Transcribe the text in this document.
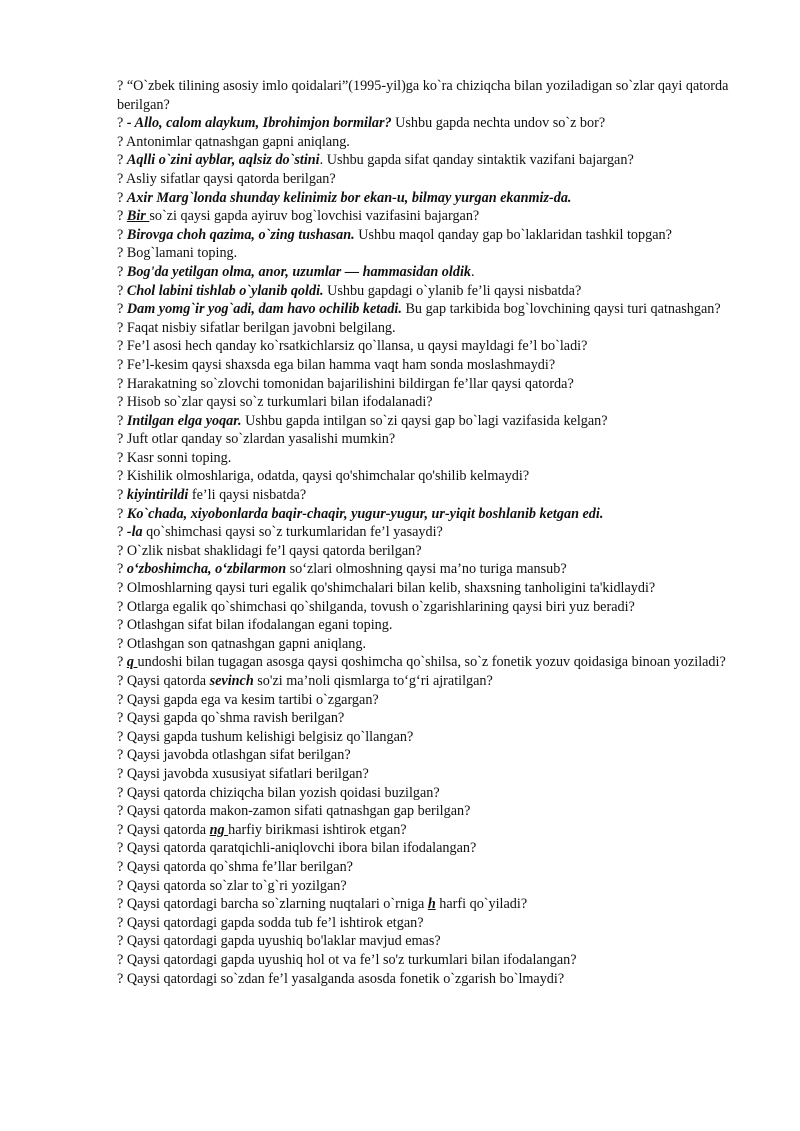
? “O`zbek tilining asosiy imlo qoidalari”(1995-yil)ga ko`ra chiziqcha bilan yoziladigan so`zlar qayi qatorda berilgan?

? - Allo, calom alaykum, Ibrohimjon bormilar? Ushbu gapda nechta undov so`z bor?

? Antonimlar qatnashgan gapni aniqlang.

? Aqlli o`zini ayblar, aqlsiz do`stini. Ushbu gapda sifat qanday sintaktik vazifani bajargan?

? Asliy sifatlar qaysi qatorda berilgan?

? Axir Marg`londa shunday kelinimiz bor ekan-u, bilmay yurgan ekanmiz-da.

? Bir so`zi qaysi gapda ayiruv bog`lovchisi vazifasini bajargan?

? Birovga choh qazima, o`zing tushasan. Ushbu maqol qanday gap bo`laklaridan tashkil topgan?

? Bog`lamani toping.

? Bog'da yetilgan olma, anor, uzumlar — hammasidan oldik.

? Chol labini tishlab o`ylanib qoldi. Ushbu gapdagi o`ylanib fe’li qaysi nisbatda?

? Dam yomg`ir yog`adi, dam havo ochilib ketadi. Bu gap tarkibida bog`lovchining qaysi turi qatnashgan?

? Faqat nisbiy sifatlar berilgan javobni belgilang.

? Fe’l asosi hech qanday ko`rsatkichlarsiz qo`llansa, u qaysi mayldagi fe’l bo`ladi?

? Fe’l-kesim qaysi shaxsda ega bilan hamma vaqt ham sonda moslashmaydi?

? Harakatning so`zlovchi tomonidan bajarilishini bildirgan fe’llar qaysi qatorda?

? Hisob so`zlar qaysi so`z turkumlari bilan ifodalanadi?

? Intilgan elga yoqar. Ushbu gapda intilgan so`zi qaysi gap bo`lagi vazifasida kelgan?

? Juft otlar qanday so`zlardan yasalishi mumkin?

? Kasr sonni toping.

? Kishilik olmoshlariga, odatda, qaysi qo'shimchalar qo'shilib kelmaydi?

? kiyintirildi fe’li qaysi nisbatda?

? Ko`chada, xiyobonlarda baqir-chaqir, yugur-yugur, ur-yiqit boshlanib ketgan edi.

? -la qo`shimchasi qaysi so`z turkumlaridan fe’l yasaydi?

? O`zlik nisbat shaklidagi fe’l qaysi qatorda berilgan?

? o‘zboshimcha, o‘zbilarmon so‘zlari olmoshning qaysi ma’no turiga mansub?

? Olmoshlarning qaysi turi egalik qo'shimchalari bilan kelib, shaxsning tanholigini ta'kidlaydi?

? Otlarga egalik qo`shimchasi qo`shilganda, tovush o`zgarishlarining qaysi biri yuz beradi?

? Otlashgan sifat bilan ifodalangan egani toping.

? Otlashgan son qatnashgan gapni aniqlang.

? q undoshi bilan tugagan asosga qaysi qoshimcha qo`shilsa, so`z fonetik yozuv qoidasiga binoan yoziladi?

? Qaysi qatorda sevinch so'zi ma’noli qismlarga to‘g‘ri ajratilgan?

? Qaysi gapda ega va kesim tartibi o`zgargan?

? Qaysi gapda qo`shma ravish berilgan?

? Qaysi gapda tushum kelishigi belgisiz qo`llangan?

? Qaysi javobda otlashgan sifat berilgan?

? Qaysi javobda xususiyat sifatlari berilgan?

? Qaysi qatorda chiziqcha bilan yozish qoidasi buzilgan?

? Qaysi qatorda makon-zamon sifati qatnashgan gap berilgan?

? Qaysi qatorda ng harfiy birikmasi ishtirok etgan?

? Qaysi qatorda qaratqichli-aniqlovchi ibora bilan ifodalangan?

? Qaysi qatorda qo`shma fe’llar berilgan?

? Qaysi qatorda so`zlar to`g`ri yozilgan?

? Qaysi qatordagi barcha so`zlarning nuqtalari o`rniga h harfi qo`yiladi?

? Qaysi qatordagi gapda sodda tub fe’l ishtirok etgan?

? Qaysi qatordagi gapda uyushiq bo'laklar mavjud emas?

? Qaysi qatordagi gapda uyushiq hol ot va fe’l so'z turkumlari bilan ifodalangan?

? Qaysi qatordagi so`zdan fe’l yasalganda asosda fonetik o`zgarish bo`lmaydi?
